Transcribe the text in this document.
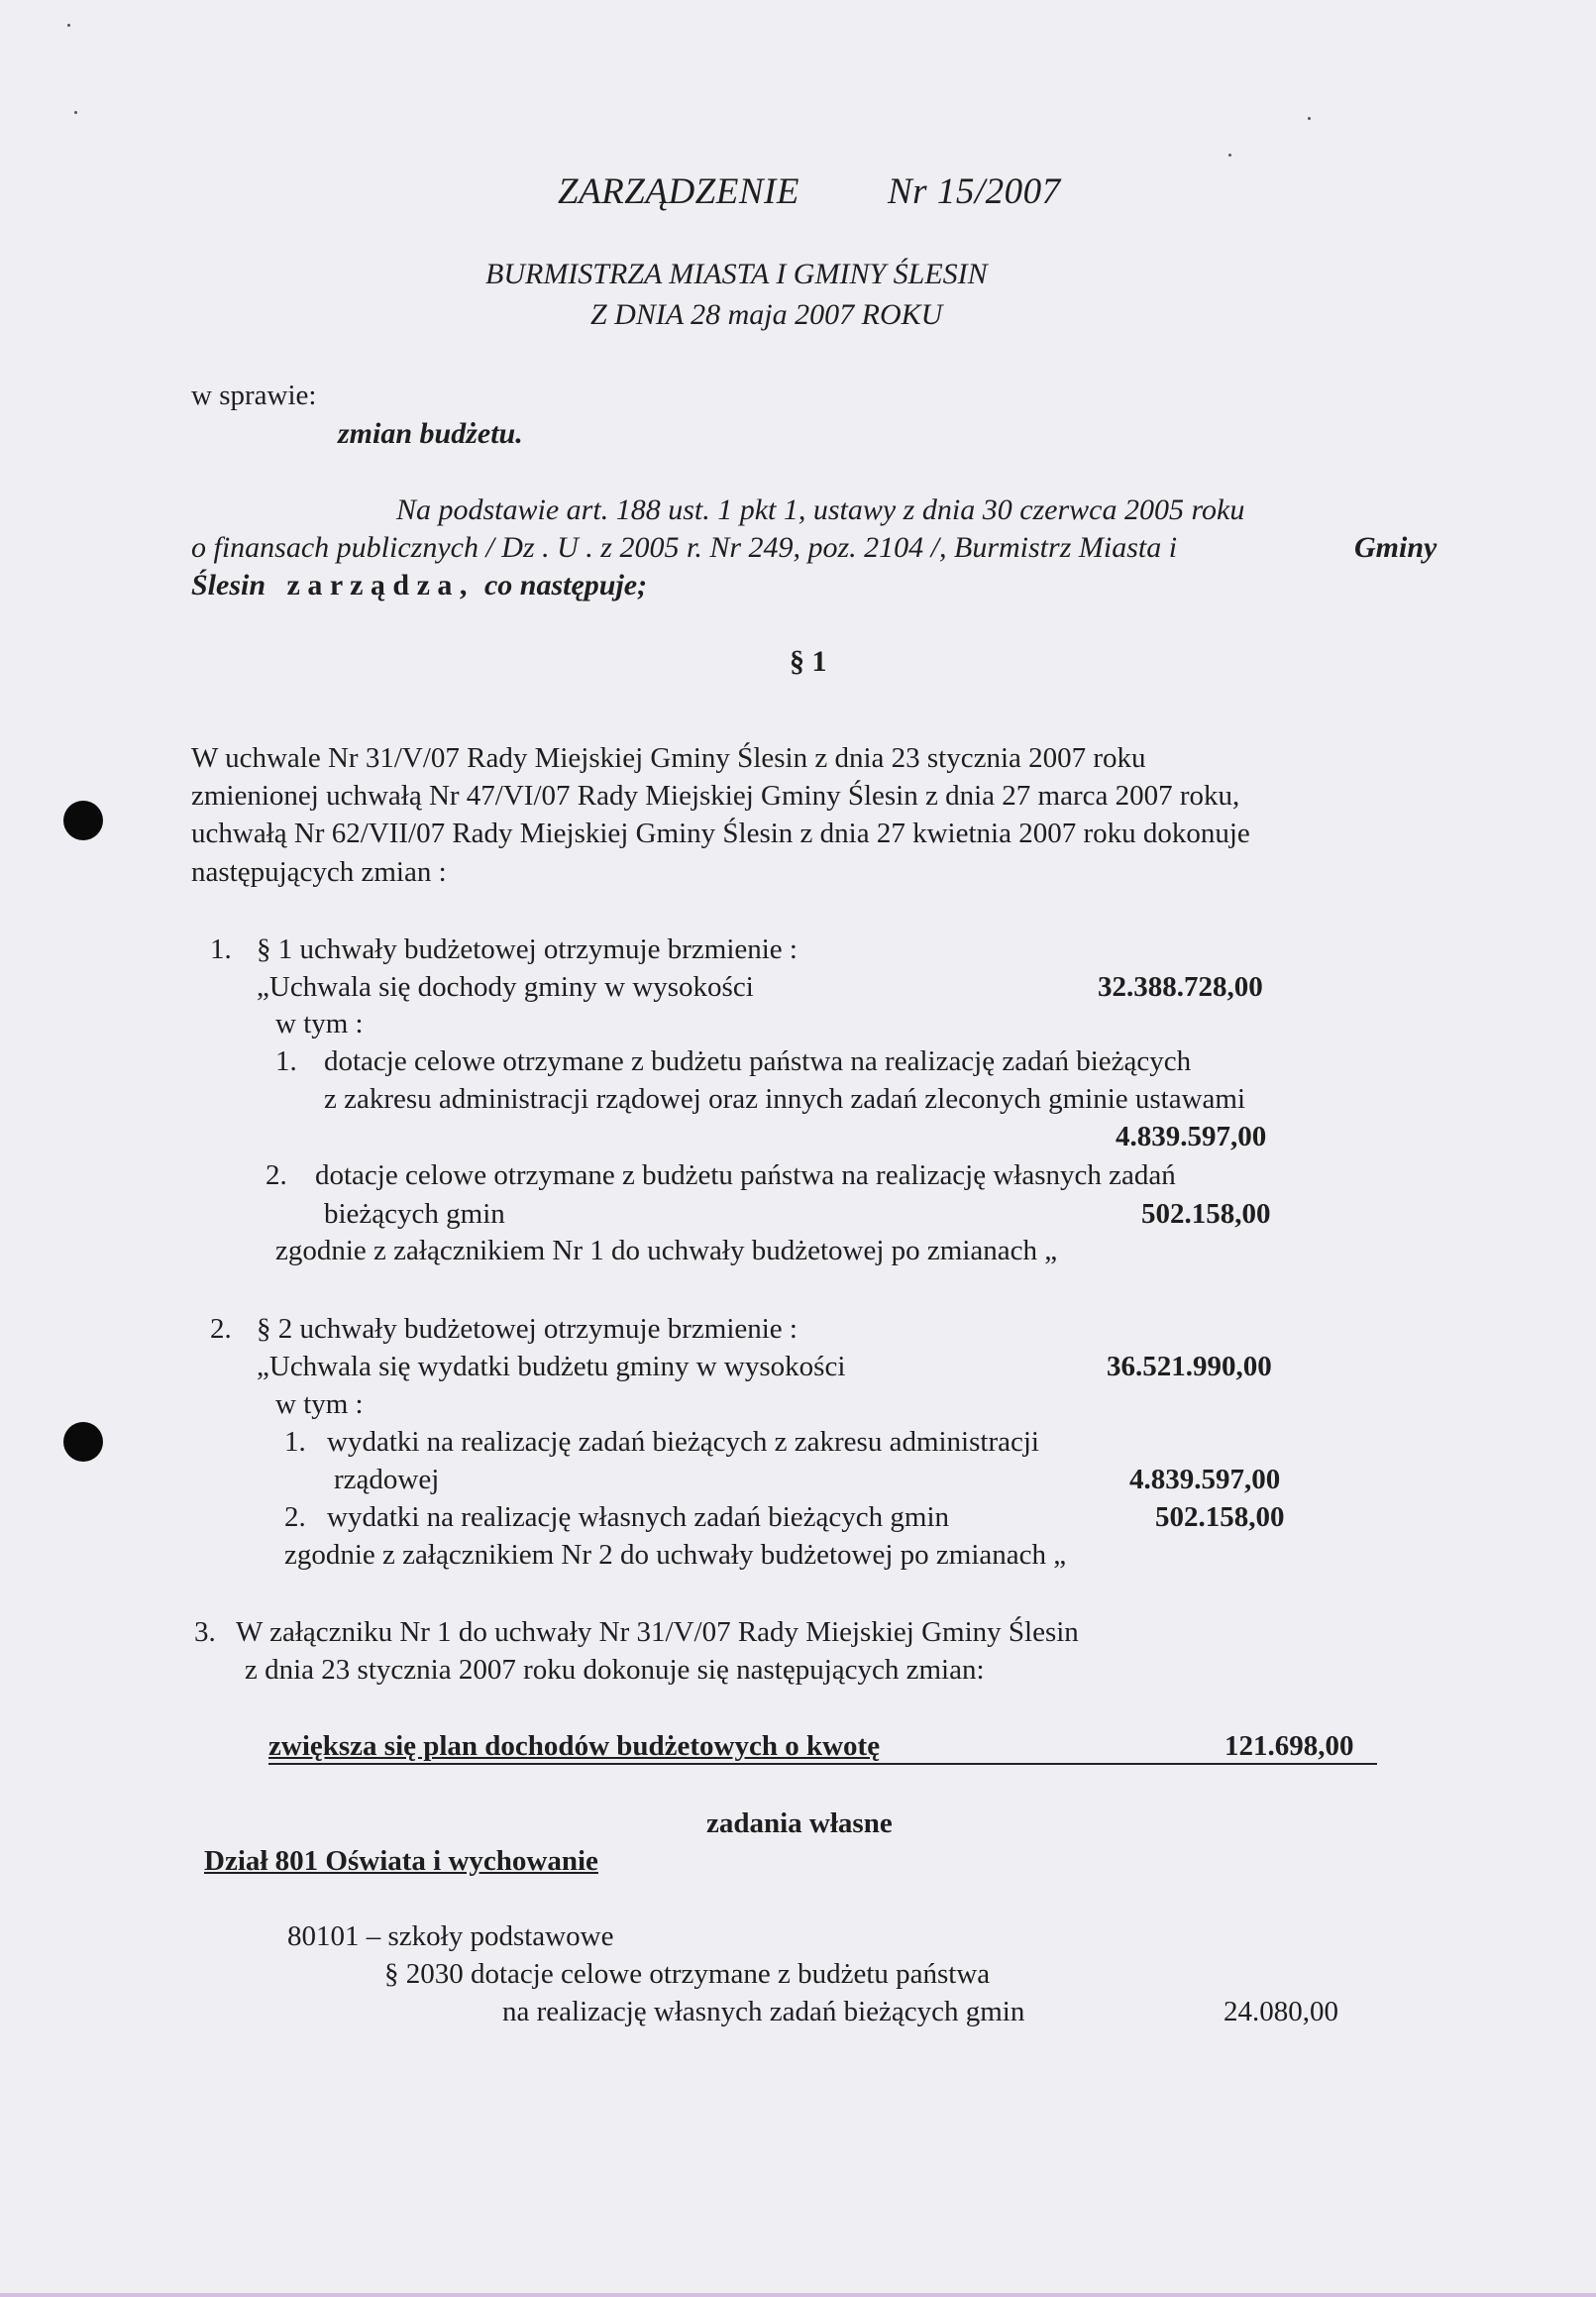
ZARZĄDZENIE Nr 15/2007
BURMISTRZA MIASTA I GMINY ŚLESIN
Z DNIA 28 maja 2007 ROKU
w sprawie:
zmian budżetu.
Na podstawie art. 188 ust. 1 pkt 1, ustawy z dnia 30 czerwca 2005 roku
o finansach publicznych / Dz . U . z 2005 r. Nr 249, poz. 2104 /, Burmistrz Miasta i	Gminy
Ślesin z a r z ą d z a , co następuje;
§ 1
W uchwale Nr 31/V/07 Rady Miejskiej Gminy Ślesin z dnia 23 stycznia 2007 roku
zmienionej uchwałą Nr 47/VI/07 Rady Miejskiej Gminy Ślesin z dnia 27 marca 2007 roku,
uchwałą Nr 62/VII/07 Rady Miejskiej Gminy Ślesin z dnia 27 kwietnia 2007 roku dokonuje
następujących zmian :
1. § 1 uchwały budżetowej otrzymuje brzmienie :
„Uchwala się dochody gminy w wysokości	32.388.728,00
w tym :
1. dotacje celowe otrzymane z budżetu państwa na realizację zadań bieżących
z zakresu administracji rządowej oraz innych zadań zleconych gminie ustawami
4.839.597,00
2. dotacje celowe otrzymane z budżetu państwa na realizację własnych zadań
bieżących gmin	502.158,00
zgodnie z załącznikiem Nr 1 do uchwały budżetowej po zmianach „
2. § 2 uchwały budżetowej otrzymuje brzmienie :
„Uchwala się wydatki budżetu gminy w wysokości	36.521.990,00
w tym :
1. wydatki na realizację zadań bieżących z zakresu administracji
rządowej	4.839.597,00
2. wydatki na realizację własnych zadań bieżących gmin	502.158,00
zgodnie z załącznikiem Nr 2 do uchwały budżetowej po zmianach „
3. W załączniku Nr 1 do uchwały Nr 31/V/07 Rady Miejskiej Gminy Ślesin
z dnia 23 stycznia 2007 roku dokonuje się następujących zmian:
zwiększa się plan dochodów budżetowych o kwotę	121.698,00
zadania własne
Dział 801 Oświata i wychowanie
80101 – szkoły podstawowe
§ 2030 dotacje celowe otrzymane z budżetu państwa
na realizację własnych zadań bieżących gmin	24.080,00
